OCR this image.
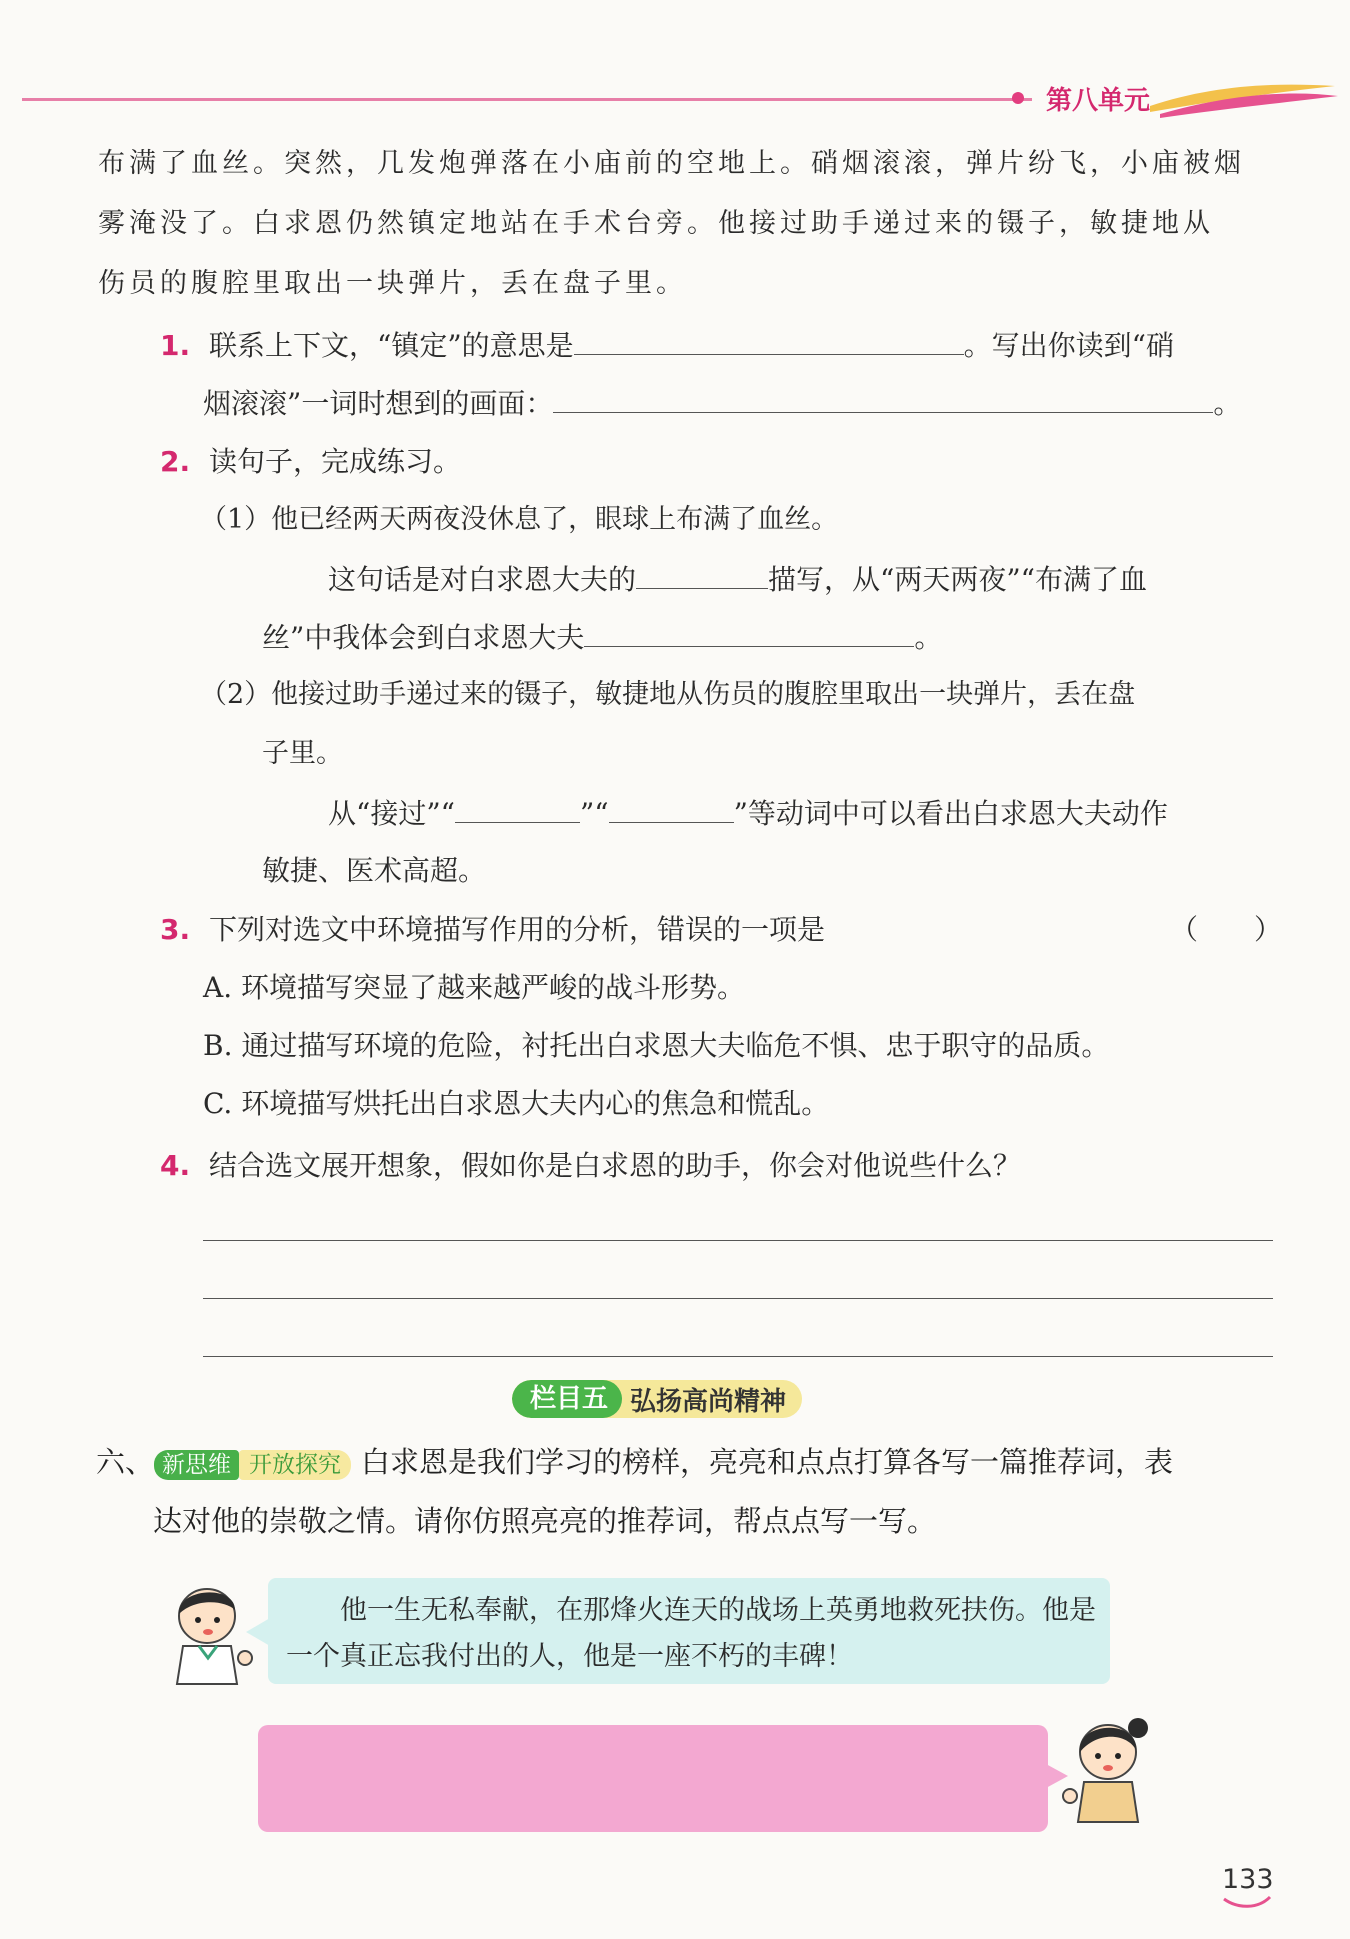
第八单元
布满了血丝。突然，几发炮弹落在小庙前的空地上。硝烟滚滚，弹片纷飞，小庙被烟
雾淹没了。白求恩仍然镇定地站在手术台旁。他接过助手递过来的镊子，敏捷地从
伤员的腹腔里取出一块弹片，丢在盘子里。
1. 联系上下文，“镇定”的意思是	。写出你读到“硝
烟滚滚”一词时想到的画面：	。
2. 读句子，完成练习。
（1）他已经两天两夜没休息了，眼球上布满了血丝。
这句话是对白求恩大夫的	描写，从“两天两夜”“布满了血
丝”中我体会到白求恩大夫	。
（2）他接过助手递过来的镊子，敏捷地从伤员的腹腔里取出一块弹片，丢在盘
子里。
从“接过”“	”“	”等动词中可以看出白求恩大夫动作
敏捷、医术高超。
3. 下列对选文中环境描写作用的分析，错误的一项是	（　　）
A. 环境描写突显了越来越严峻的战斗形势。
B. 通过描写环境的危险，衬托出白求恩大夫临危不惧、忠于职守的品质。
C. 环境描写烘托出白求恩大夫内心的焦急和慌乱。
4. 结合选文展开想象，假如你是白求恩的助手，你会对他说些什么？
栏目五 弘扬高尚精神
六、 新思维 开放探究 白求恩是我们学习的榜样，亮亮和点点打算各写一篇推荐词，表
达对他的崇敬之情。请你仿照亮亮的推荐词，帮点点写一写。

他一生无私奉献，在那烽火连天的战场上英勇地救死扶伤。他是一个真正忘我付出的人，他是一座不朽的丰碑！

133
